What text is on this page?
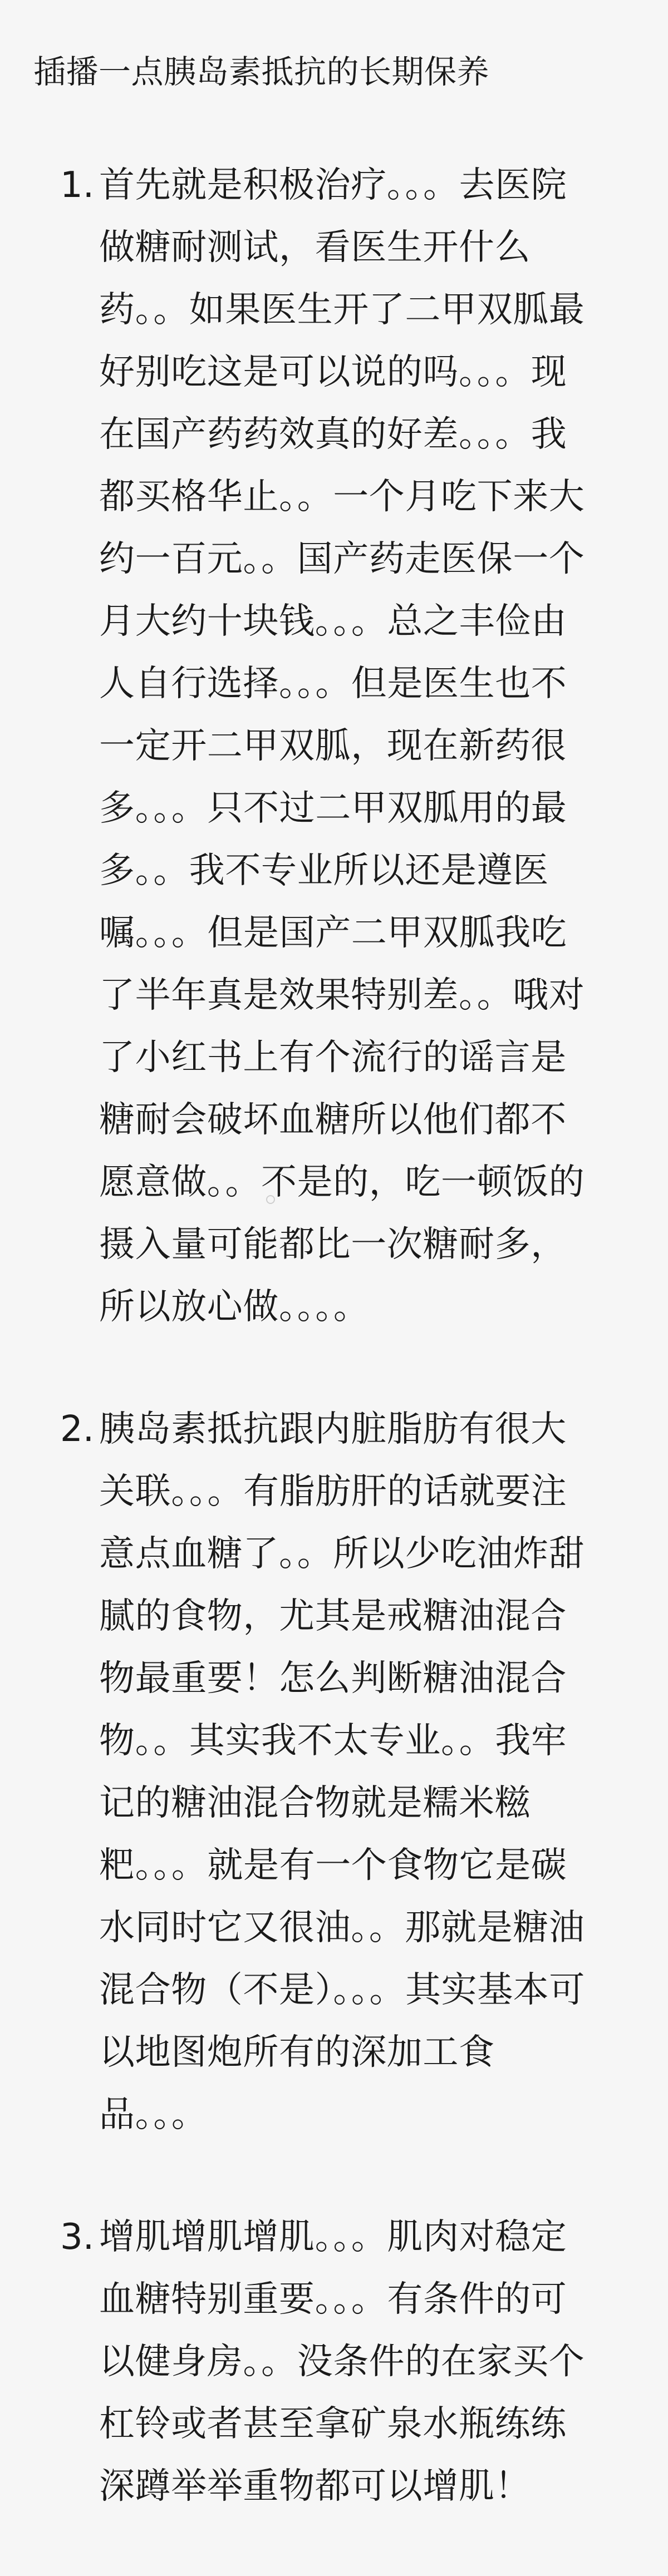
插播一点胰岛素抵抗的长期保养
1. 首先就是积极治疗。。。去医院做糖耐测试，看医生开什么药。。如果医生开了二甲双胍最好别吃这是可以说的吗。。。现在国产药药效真的好差。。。我都买格华止。。一个月吃下来大约一百元。。国产药走医保一个月大约十块钱。。。总之丰俭由人自行选择。。。但是医生也不一定开二甲双胍，现在新药很多。。。只不过二甲双胍用的最多。。我不专业所以还是遵医嘱。。。但是国产二甲双胍我吃了半年真是效果特别差。。哦对了小红书上有个流行的谣言是糖耐会破坏血糖所以他们都不愿意做。。不是的，吃一顿饭的摄入量可能都比一次糖耐多，所以放心做。。。。
2. 胰岛素抵抗跟内脏脂肪有很大关联。。。有脂肪肝的话就要注意点血糖了。。所以少吃油炸甜腻的食物，尤其是戒糖油混合物最重要！怎么判断糖油混合物。。其实我不太专业。。我牢记的糖油混合物就是糯米糍粑。。。就是有一个食物它是碳水同时它又很油。。那就是糖油混合物（不是）。。。其实基本可以地图炮所有的深加工食品。。。
3. 增肌增肌增肌。。。肌肉对稳定血糖特别重要。。。有条件的可以健身房。。没条件的在家买个杠铃或者甚至拿矿泉水瓶练练深蹲举举重物都可以增肌！
